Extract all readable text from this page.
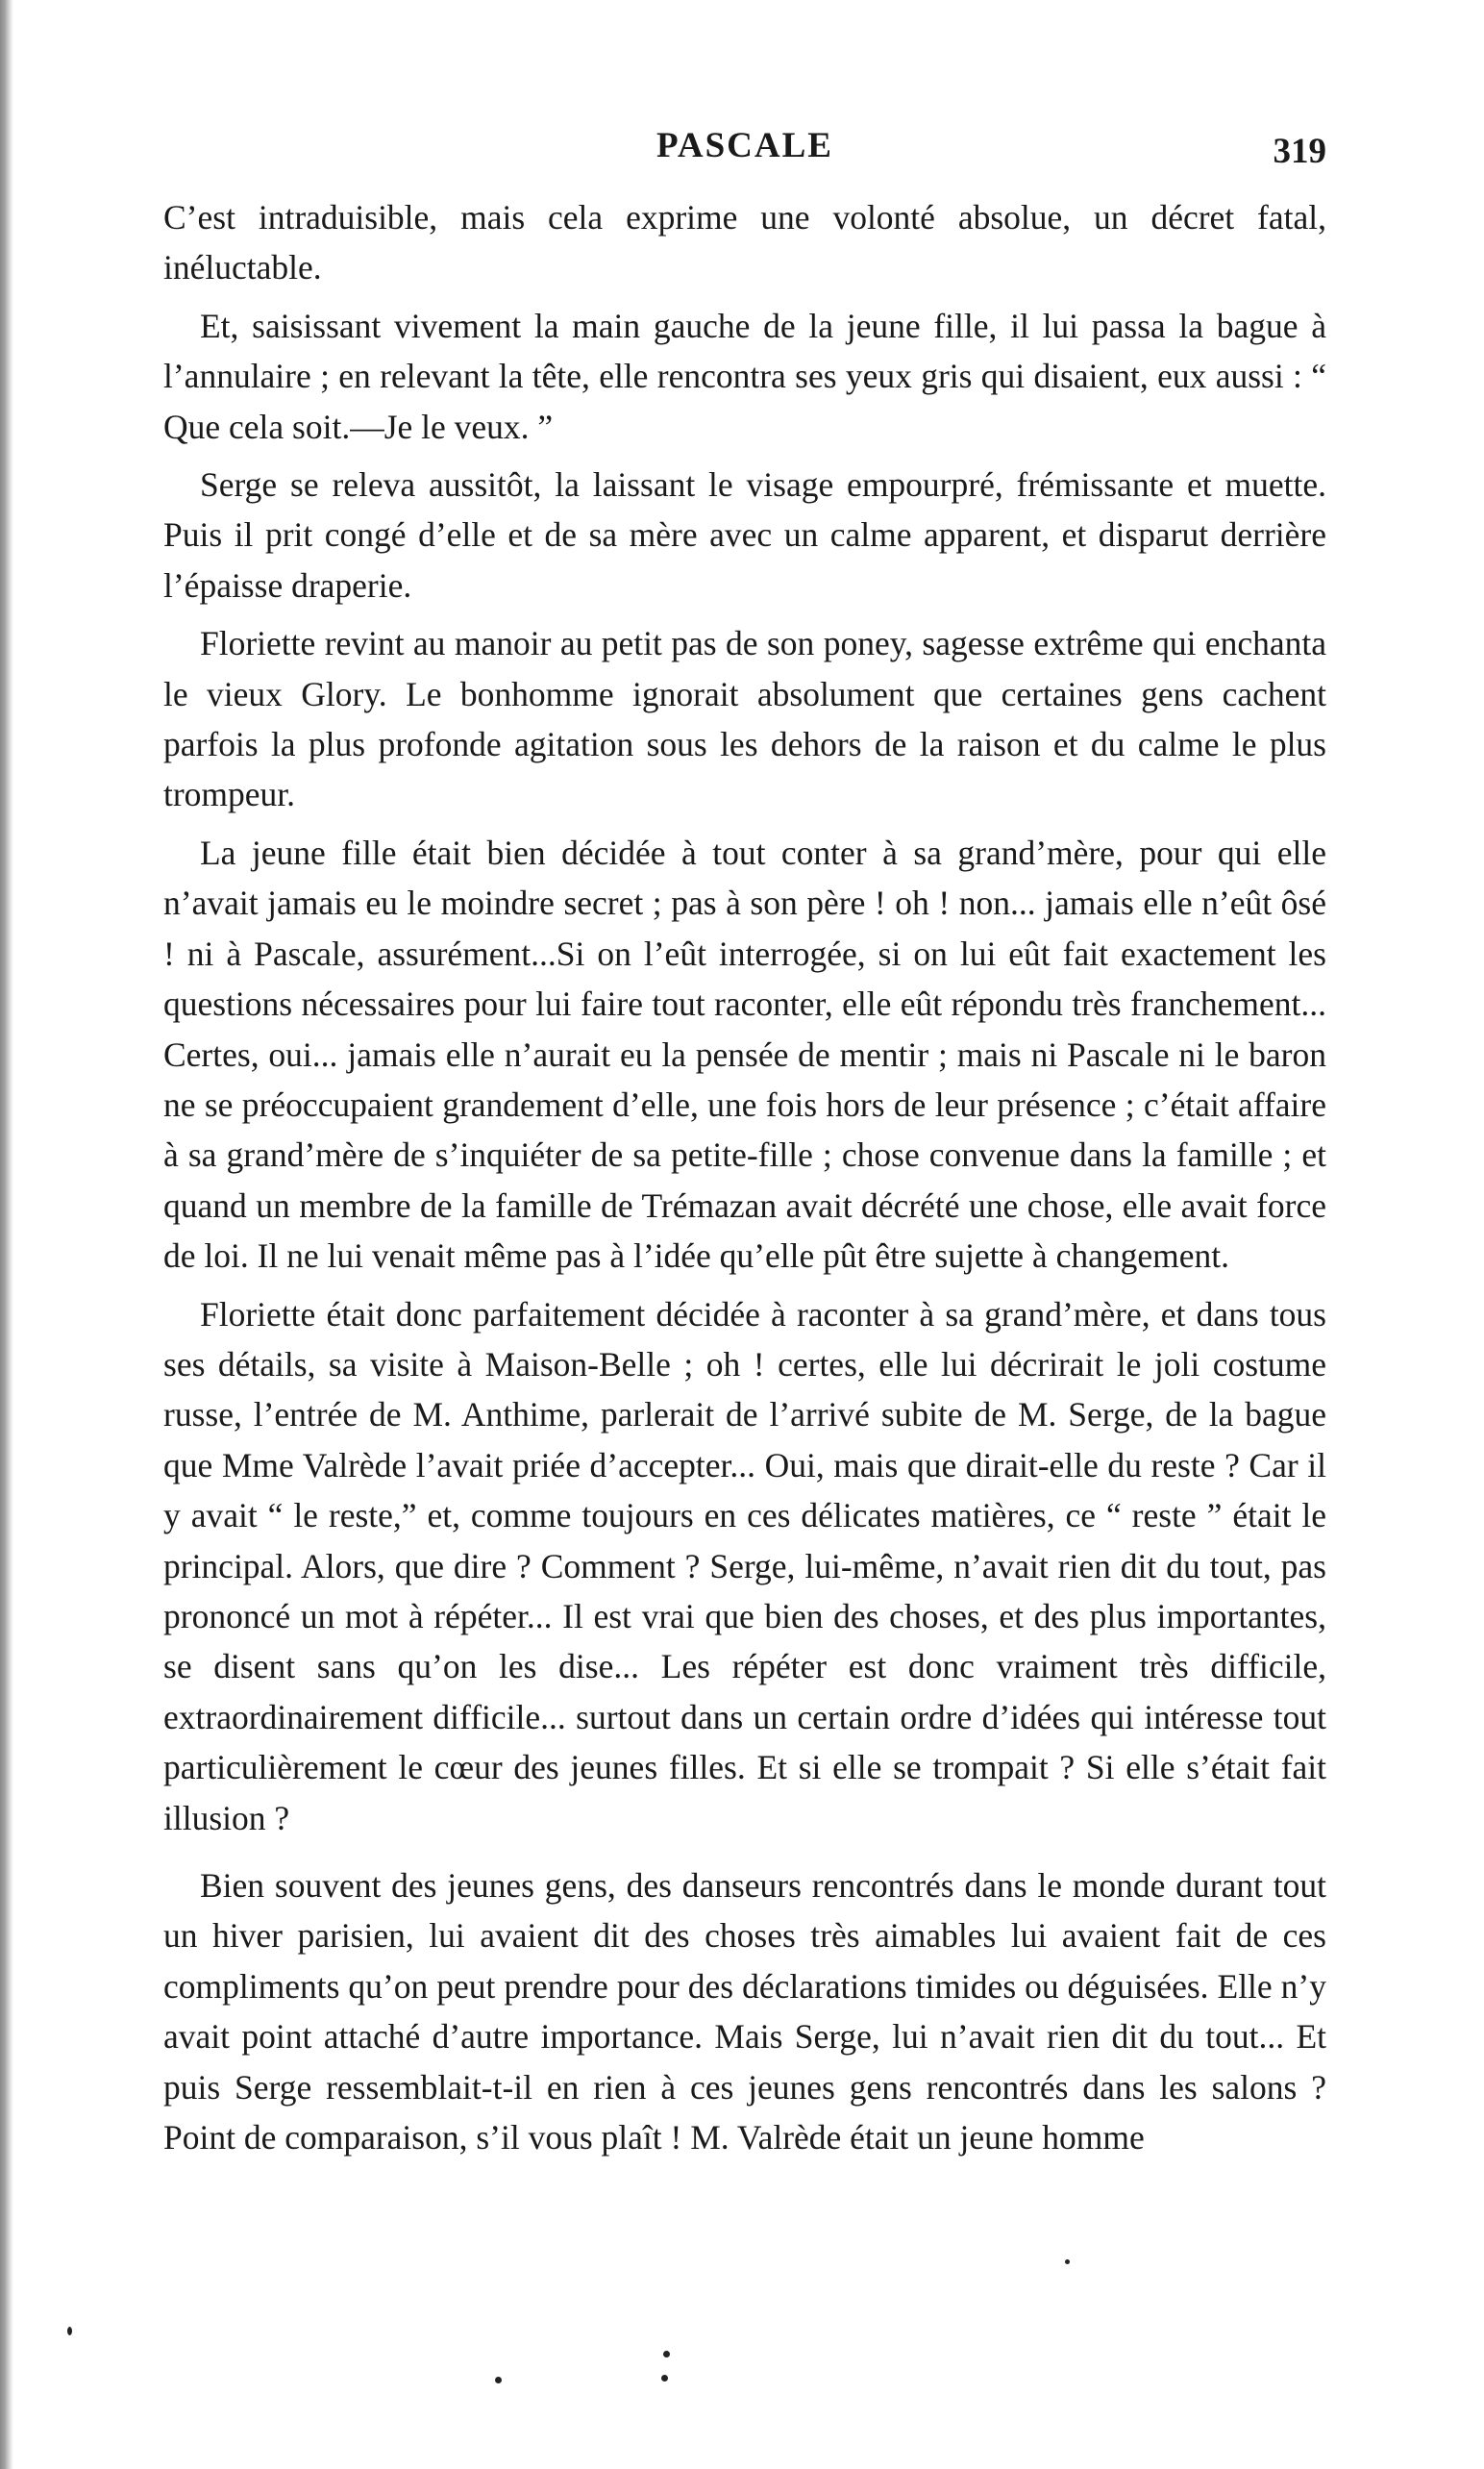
PASCALE	319

C’est intraduisible, mais cela exprime une volonté absolue, un décret fatal, inéluctable.

Et, saisissant vivement la main gauche de la jeune fille, il lui passa la bague à l’annulaire ; en relevant la tête, elle rencontra ses yeux gris qui disaient, eux aussi : “ Que cela soit.—Je le veux. ”

Serge se releva aussitôt, la laissant le visage empourpré, frémissante et muette. Puis il prit congé d’elle et de sa mère avec un calme apparent, et disparut derrière l’épaisse draperie.

Floriette revint au manoir au petit pas de son poney, sagesse extrême qui enchanta le vieux Glory. Le bonhomme ignorait absolument que certaines gens cachent parfois la plus profonde agitation sous les dehors de la raison et du calme le plus trompeur.

La jeune fille était bien décidée à tout conter à sa grand’mère, pour qui elle n’avait jamais eu le moindre secret ; pas à son père ! oh ! non... jamais elle n’eût ôsé ! ni à Pascale, assurément...Si on l’eût interrogée, si on lui eût fait exactement les questions nécessaires pour lui faire tout raconter, elle eût répondu très franchement... Certes, oui... jamais elle n’aurait eu la pensée de mentir ; mais ni Pascale ni le baron ne se préoccupaient grandement d’elle, une fois hors de leur présence ; c’était affaire à sa grand’mère de s’inquiéter de sa petite-fille ; chose convenue dans la famille ; et quand un membre de la famille de Trémazan avait décrété une chose, elle avait force de loi. Il ne lui venait même pas à l’idée qu’elle pût être sujette à changement.

Floriette était donc parfaitement décidée à raconter à sa grand’mère, et dans tous ses détails, sa visite à Maison-Belle ; oh ! certes, elle lui décrirait le joli costume russe, l’entrée de M. Anthime, parlerait de l’arrivé subite de M. Serge, de la bague que Mme Valrède l’avait priée d’accepter... Oui, mais que dirait-elle du reste ? Car il y avait “ le reste,” et, comme toujours en ces délicates matières, ce “ reste ” était le principal. Alors, que dire ? Comment ? Serge, lui-même, n’avait rien dit du tout, pas prononcé un mot à répéter... Il est vrai que bien des choses, et des plus importantes, se disent sans qu’on les dise... Les répéter est donc vraiment très difficile, extraordinairement difficile... surtout dans un certain ordre d’idées qui intéresse tout particulièrement le cœur des jeunes filles. Et si elle se trompait ? Si elle s’était fait illusion ?

Bien souvent des jeunes gens, des danseurs rencontrés dans le monde durant tout un hiver parisien, lui avaient dit des choses très aimables lui avaient fait de ces compliments qu’on peut prendre pour des déclarations timides ou déguisées. Elle n’y avait point attaché d’autre importance. Mais Serge, lui n’avait rien dit du tout... Et puis Serge ressemblait-t-il en rien à ces jeunes gens rencontrés dans les salons ? Point de comparaison, s’il vous plaît ! M. Valrède était un jeune homme
